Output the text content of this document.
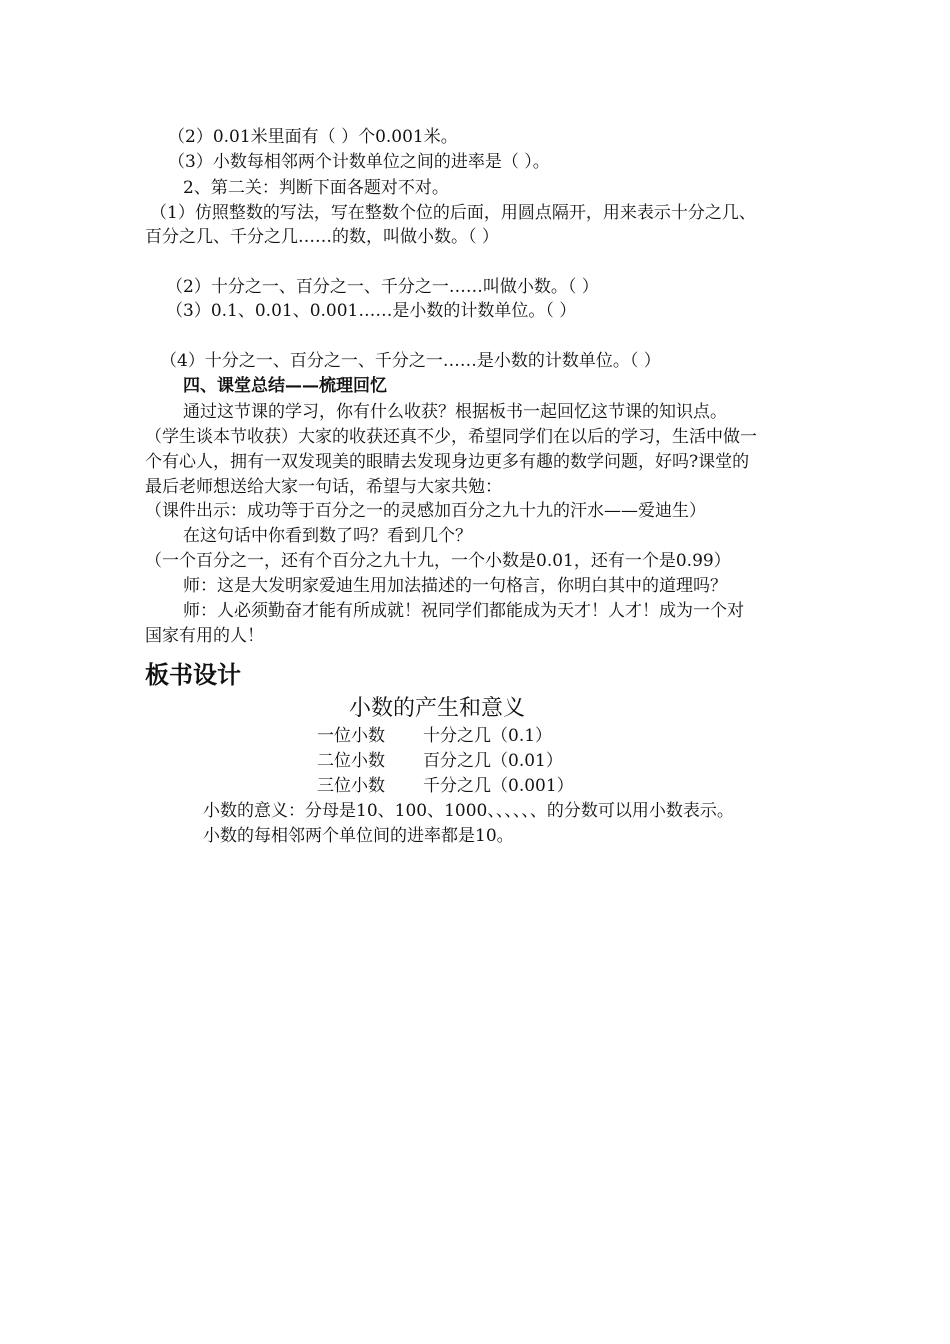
（2）0.01米里面有（ ）个0.001米。
（3）小数每相邻两个计数单位之间的进率是（ ）。
2、第二关：判断下面各题对不对。
（1）仿照整数的写法，写在整数个位的后面，用圆点隔开，用来表示十分之几、
百分之几、千分之几……的数，叫做小数。（ ）
（2）十分之一、百分之一、千分之一……叫做小数。（ ）
（3）0.1、0.01、0.001……是小数的计数单位。（ ）
（4）十分之一、百分之一、千分之一……是小数的计数单位。（ ）
四、课堂总结——梳理回忆
通过这节课的学习，你有什么收获？根据板书一起回忆这节课的知识点。
（学生谈本节收获）大家的收获还真不少，希望同学们在以后的学习，生活中做一
个有心人，拥有一双发现美的眼睛去发现身边更多有趣的数学问题，好吗?课堂的
最后老师想送给大家一句话，希望与大家共勉：
（课件出示：成功等于百分之一的灵感加百分之九十九的汗水——爱迪生）
在这句话中你看到数了吗？看到几个？
（一个百分之一，还有个百分之九十九，一个小数是0.01，还有一个是0.99）
师：这是大发明家爱迪生用加法描述的一句格言，你明白其中的道理吗？
师：人必须勤奋才能有所成就！祝同学们都能成为天才！人才！成为一个对
国家有用的人！
板书设计
小数的产生和意义
一位小数 十分之几（0.1）
二位小数 百分之几（0.01）
三位小数 千分之几（0.001）
小数的意义：分母是10、100、1000、、、、、、的分数可以用小数表示。
小数的每相邻两个单位间的进率都是10。
